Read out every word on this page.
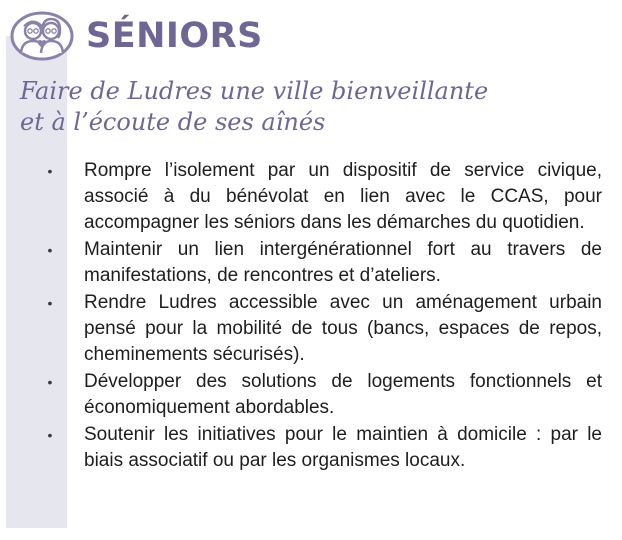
SÉNIORS
Faire de Ludres une ville bienveillante
et à l’écoute de ses aînés
• Rompre l’isolement par un dispositif de service civique, associé à du bénévolat en lien avec le CCAS, pour accompagner les séniors dans les démarches du quotidien.
• Maintenir un lien intergénérationnel fort au travers de manifestations, de rencontres et d’ateliers.
• Rendre Ludres accessible avec un aménagement urbain pensé pour la mobilité de tous (bancs, espaces de repos, cheminements sécurisés).
• Développer des solutions de logements fonctionnels et économiquement abordables.
• Soutenir les initiatives pour le maintien à domicile : par le biais associatif ou par les organismes locaux.
